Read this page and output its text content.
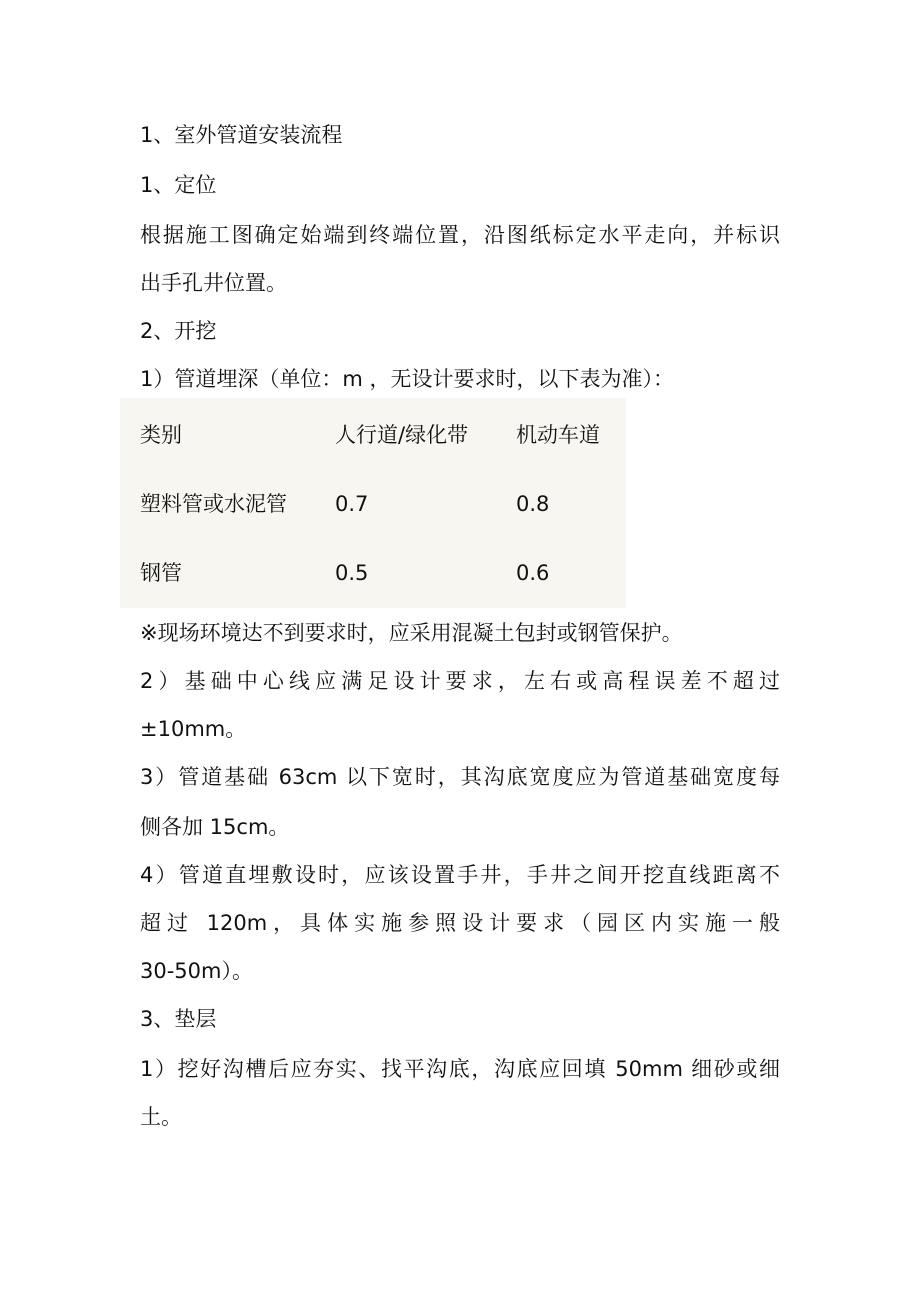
1、室外管道安装流程

1、定位

根据施工图确定始端到终端位置，沿图纸标定水平走向，并标识

出手孔井位置。

2、开挖

1）管道埋深（单位：m ，无设计要求时，以下表为准）：

类别	人行道/绿化带 机动车道
塑料管或水泥管 0.7	0.8
钢管	0.5	0.6

※现场环境达不到要求时，应采用混凝土包封或钢管保护。

2）基础中心线应满足设计要求，左右或高程误差不超过

±10mm。

3）管道基础 63cm 以下宽时，其沟底宽度应为管道基础宽度每

侧各加 15cm。

4）管道直埋敷设时，应该设置手井，手井之间开挖直线距离不

超过 120m，具体实施参照设计要求（园区内实施一般

30-50m）。

3、垫层

1）挖好沟槽后应夯实、找平沟底，沟底应回填 50mm 细砂或细

土。
